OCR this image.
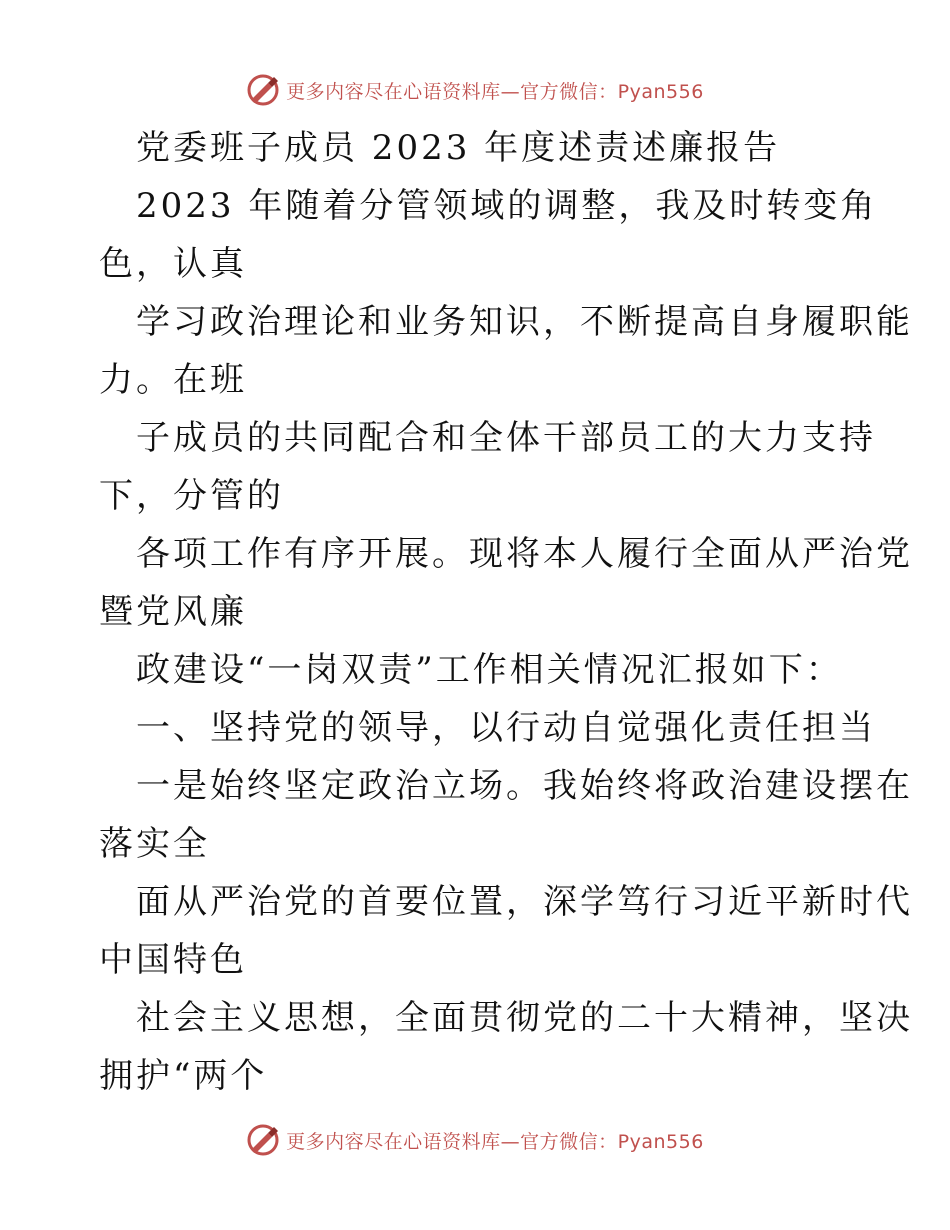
更多内容尽在心语资料库—官方微信：Pyan556
党委班子成员 2023 年度述责述廉报告
2023 年随着分管领域的调整，我及时转变角
色，认真
学习政治理论和业务知识，不断提高自身履职能
力。在班
子成员的共同配合和全体干部员工的大力支持
下，分管的
各项工作有序开展。现将本人履行全面从严治党
暨党风廉
政建设“一岗双责”工作相关情况汇报如下：
一、坚持党的领导，以行动自觉强化责任担当
一是始终坚定政治立场。我始终将政治建设摆在
落实全
面从严治党的首要位置，深学笃行习近平新时代
中国特色
社会主义思想，全面贯彻党的二十大精神，坚决
拥护“两个
更多内容尽在心语资料库—官方微信：Pyan556
